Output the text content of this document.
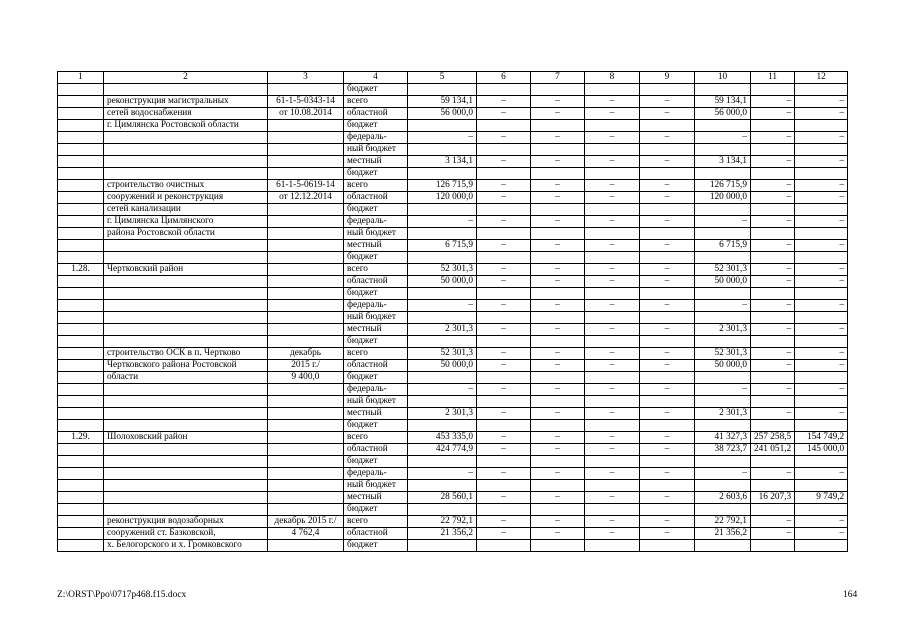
1	2	3	4	5	6	7	8	9	10	11	12
			бюджет								
	реконструкция магистральных	61-1-5-0343-14	всего	59 134,1	–	–	–	–	59 134,1	–	–
	сетей водоснабжения	от 10.08.2014	областной	56 000,0	–	–	–	–	56 000,0	–	–
	г. Цимлянска Ростовской области		бюджет								
			федераль-	–	–	–	–	–	–	–	–
			ный бюджет								
			местный	3 134,1	–	–	–	–	3 134,1	–	–
			бюджет								
	строительство очистных	61-1-5-0619-14	всего	126 715,9	–	–	–	–	126 715,9	–	–
	сооружений и реконструкция	от 12.12.2014	областной	120 000,0	–	–	–	–	120 000,0	–	–
	сетей канализации		бюджет								
	г. Цимлянска Цимлянского		федераль-	–	–	–	–	–	–	–	–
	района Ростовской области		ный бюджет								
			местный	6 715,9	–	–	–	–	6 715,9	–	–
			бюджет								
1.28.	Чертковский район		всего	52 301,3	–	–	–	–	52 301,3	–	–
			областной	50 000,0	–	–	–	–	50 000,0	–	–
			бюджет								
			федераль-	–	–	–	–	–	–	–	–
			ный бюджет								
			местный	2 301,3	–	–	–	–	2 301,3	–	–
			бюджет								
	строительство ОСК в п. Чертково	декабрь	всего	52 301,3	–	–	–	–	52 301,3	–	–
	Чертковского района Ростовской	2015 г./	областной	50 000,0	–	–	–	–	50 000,0	–	–
	области	9 400,0	бюджет								
			федераль-	–	–	–	–	–	–	–	–
			ный бюджет								
			местный	2 301,3	–	–	–	–	2 301,3	–	–
			бюджет								
1.29.	Шолоховский район		всего	453 335,0	–	–	–	–	41 327,3	257 258,5	154 749,2
			областной	424 774,9	–	–	–	–	38 723,7	241 051,2	145 000,0
			бюджет								
			федераль-	–	–	–	–	–	–	–	–
			ный бюджет								
			местный	28 560,1	–	–	–	–	2 603,6	16 207,3	9 749,2
			бюджет								
	реконструкция водозаборных	декабрь 2015 г./	всего	22 792,1	–	–	–	–	22 792,1	–	–
	сооружений ст. Базковской,	4 762,4	областной	21 356,2	–	–	–	–	21 356,2	–	–
	х. Белогорского и х. Громковского		бюджет								
Z:\ORST\Ppo\0717p468.f15.docx	164
